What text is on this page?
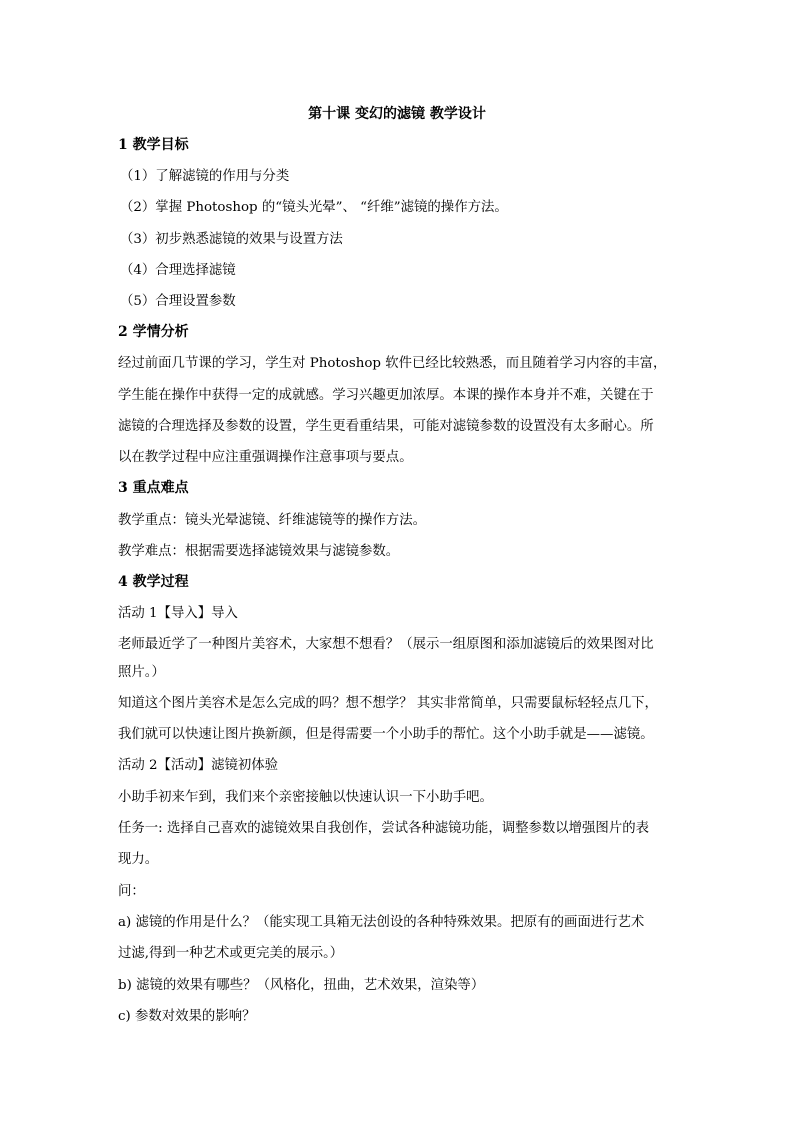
第十课 变幻的滤镜 教学设计
1 教学目标
（1）了解滤镜的作用与分类
（2）掌握 Photoshop 的“镜头光晕”、 “纤维”滤镜的操作方法。
（3）初步熟悉滤镜的效果与设置方法
（4）合理选择滤镜
（5）合理设置参数
2 学情分析
经过前面几节课的学习，学生对 Photoshop 软件已经比较熟悉，而且随着学习内容的丰富，
学生能在操作中获得一定的成就感。学习兴趣更加浓厚。本课的操作本身并不难，关键在于
滤镜的合理选择及参数的设置，学生更看重结果，可能对滤镜参数的设置没有太多耐心。所
以在教学过程中应注重强调操作注意事项与要点。
3 重点难点
教学重点：镜头光晕滤镜、纤维滤镜等的操作方法。
教学难点：根据需要选择滤镜效果与滤镜参数。
4 教学过程
活动 1【导入】导入
老师最近学了一种图片美容术，大家想不想看？（展示一组原图和添加滤镜后的效果图对比
照片。）
知道这个图片美容术是怎么完成的吗？想不想学？ 其实非常简单，只需要鼠标轻轻点几下，
我们就可以快速让图片换新颜，但是得需要一个小助手的帮忙。这个小助手就是——滤镜。
活动 2【活动】滤镜初体验
小助手初来乍到，我们来个亲密接触以快速认识一下小助手吧。
任务一: 选择自己喜欢的滤镜效果自我创作，尝试各种滤镜功能，调整参数以增强图片的表
现力。
问：
a) 滤镜的作用是什么？（能实现工具箱无法创设的各种特殊效果。把原有的画面进行艺术
过滤,得到一种艺术或更完美的展示。）
b) 滤镜的效果有哪些？（风格化，扭曲，艺术效果，渲染等）
c) 参数对效果的影响？
